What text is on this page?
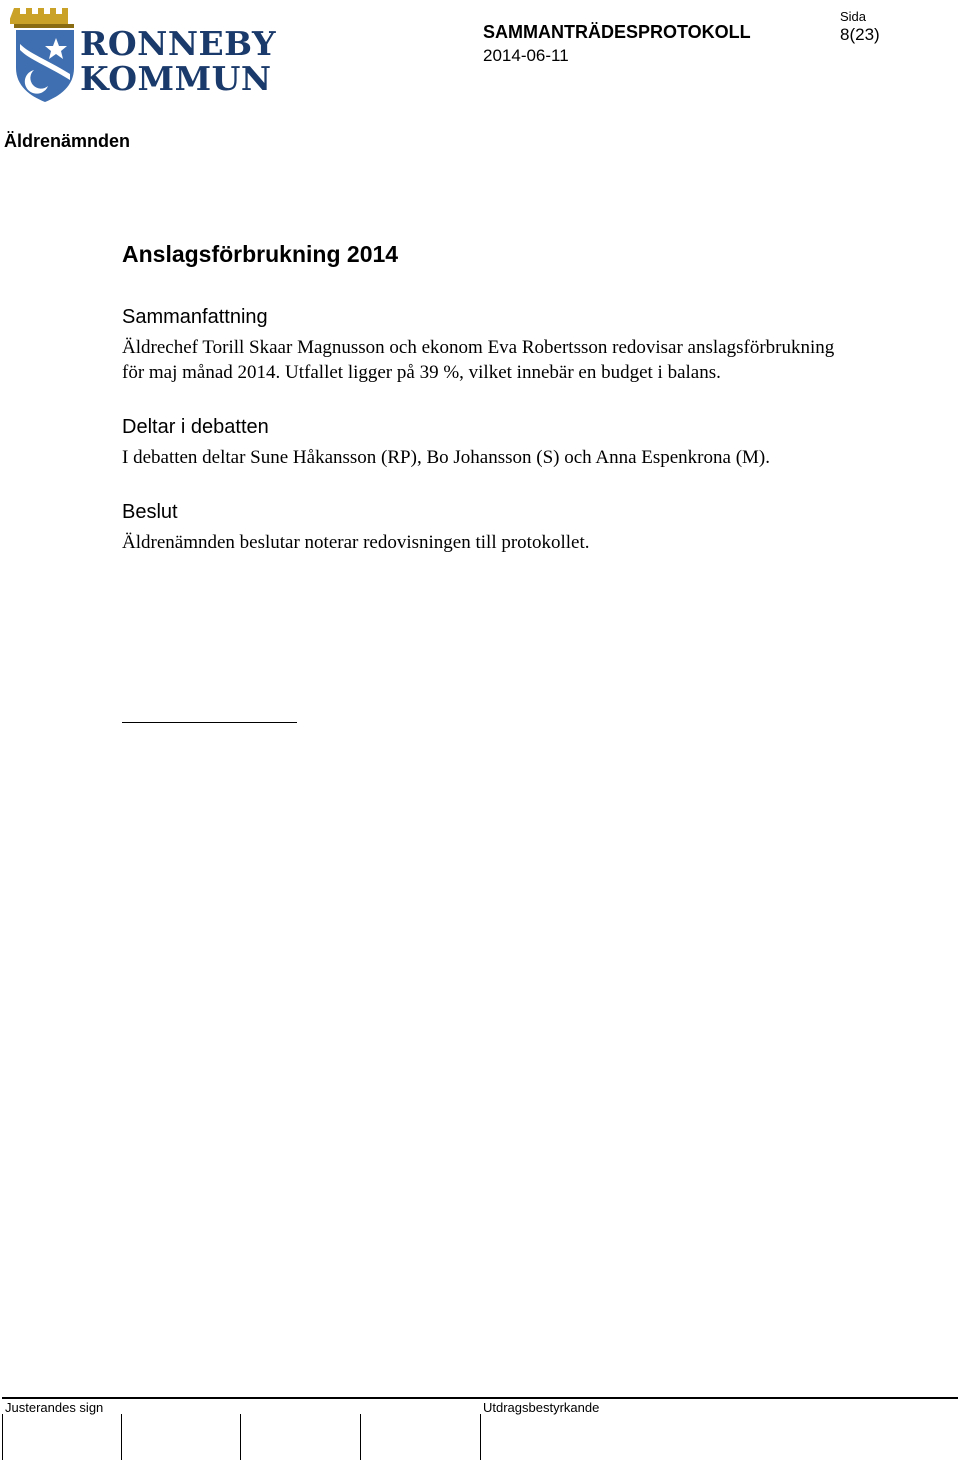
RONNEBY
KOMMUN
SAMMANTRÄDESPROTOKOLL
2014-06-11
Sida
8(23)
Äldrenämnden
Anslagsförbrukning 2014
Sammanfattning

Äldrechef Torill Skaar Magnusson och ekonom Eva Robertsson redovisar anslagsförbrukning för maj månad 2014. Utfallet ligger på 39 %, vilket innebär en budget i balans.

Deltar i debatten

I debatten deltar Sune Håkansson (RP), Bo Johansson (S) och Anna Espenkrona (M).

Beslut

Äldrenämnden beslutar noterar redovisningen till protokollet.

Justerandes sign	Utdragsbestyrkande
